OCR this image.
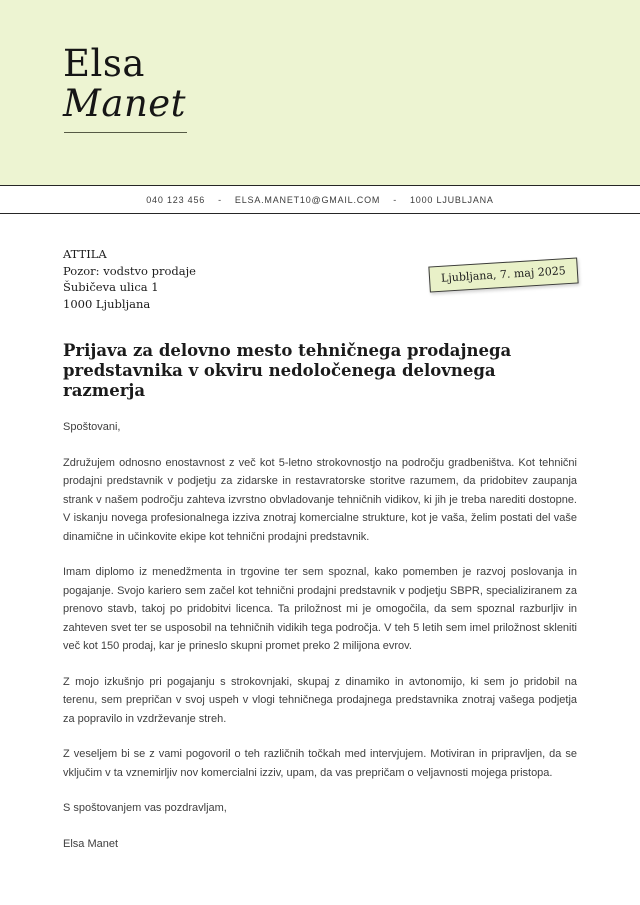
Elsa
Manet
040 123 456 - ELSA.MANET10@GMAIL.COM - 1000 LJUBLJANA
ATTILA
Pozor: vodstvo prodaje
Šubičeva ulica 1
1000 Ljubljana
Ljubljana, 7. maj 2025
Prijava za delovno mesto tehničnega prodajnega predstavnika v okviru nedoločenega delovnega razmerja
Spoštovani,

Združujem odnosno enostavnost z več kot 5-letno strokovnostjo na področju gradbeništva. Kot tehnični prodajni predstavnik v podjetju za zidarske in restavratorske storitve razumem, da pridobitev zaupanja strank v našem področju zahteva izvrstno obvladovanje tehničnih vidikov, ki jih je treba narediti dostopne. V iskanju novega profesionalnega izziva znotraj komercialne strukture, kot je vaša, želim postati del vaše dinamične in učinkovite ekipe kot tehnični prodajni predstavnik.

Imam diplomo iz menedžmenta in trgovine ter sem spoznal, kako pomemben je razvoj poslovanja in pogajanje. Svojo kariero sem začel kot tehnični prodajni predstavnik v podjetju SBPR, specializiranem za prenovo stavb, takoj po pridobitvi licenca. Ta priložnost mi je omogočila, da sem spoznal razburljiv in zahteven svet ter se usposobil na tehničnih vidikih tega področja. V teh 5 letih sem imel priložnost skleniti več kot 150 prodaj, kar je prineslo skupni promet preko 2 milijona evrov.

Z mojo izkušnjo pri pogajanju s strokovnjaki, skupaj z dinamiko in avtonomijo, ki sem jo pridobil na terenu, sem prepričan v svoj uspeh v vlogi tehničnega prodajnega predstavnika znotraj vašega podjetja za popravilo in vzdrževanje streh.

Z veseljem bi se z vami pogovoril o teh različnih točkah med intervjujem. Motiviran in pripravljen, da se vključim v ta vznemirljiv nov komercialni izziv, upam, da vas prepričam o veljavnosti mojega pristopa.

S spoštovanjem vas pozdravljam,
Elsa Manet
